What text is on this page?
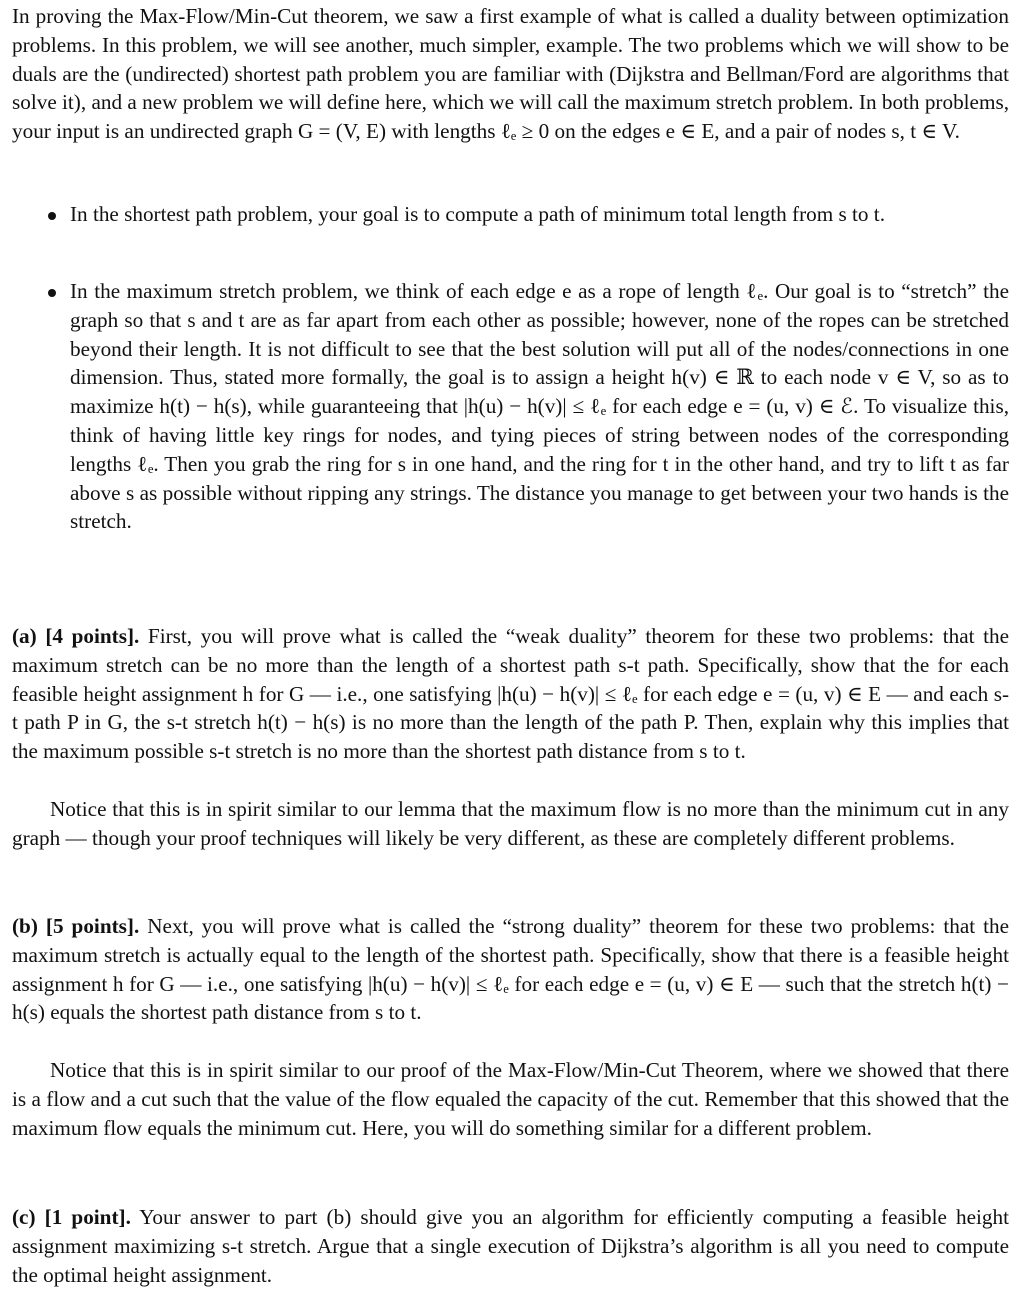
In proving the Max-Flow/Min-Cut theorem, we saw a first example of what is called a duality between optimization problems. In this problem, we will see another, much simpler, example. The two problems which we will show to be duals are the (undirected) shortest path problem you are familiar with (Dijkstra and Bellman/Ford are algorithms that solve it), and a new problem we will define here, which we will call the maximum stretch problem. In both problems, your input is an undirected graph G = (V, E) with lengths ℓₑ ≥ 0 on the edges e ∈ E, and a pair of nodes s, t ∈ V.

In the shortest path problem, your goal is to compute a path of minimum total length from s to t.

In the maximum stretch problem, we think of each edge e as a rope of length ℓₑ. Our goal is to “stretch” the graph so that s and t are as far apart from each other as possible; however, none of the ropes can be stretched beyond their length. It is not difficult to see that the best solution will put all of the nodes/connections in one dimension. Thus, stated more formally, the goal is to assign a height h(v) ∈ ℝ to each node v ∈ V, so as to maximize h(t) − h(s), while guaranteeing that |h(u) − h(v)| ≤ ℓₑ for each edge e = (u, v) ∈ ℰ. To visualize this, think of having little key rings for nodes, and tying pieces of string between nodes of the corresponding lengths ℓₑ. Then you grab the ring for s in one hand, and the ring for t in the other hand, and try to lift t as far above s as possible without ripping any strings. The distance you manage to get between your two hands is the stretch.

(a) [4 points]. First, you will prove what is called the “weak duality” theorem for these two problems: that the maximum stretch can be no more than the length of a shortest path s-t path. Specifically, show that the for each feasible height assignment h for G — i.e., one satisfying |h(u) − h(v)| ≤ ℓₑ for each edge e = (u, v) ∈ E — and each s-t path P in G, the s-t stretch h(t) − h(s) is no more than the length of the path P. Then, explain why this implies that the maximum possible s-t stretch is no more than the shortest path distance from s to t.

Notice that this is in spirit similar to our lemma that the maximum flow is no more than the minimum cut in any graph — though your proof techniques will likely be very different, as these are completely different problems.

(b) [5 points]. Next, you will prove what is called the “strong duality” theorem for these two problems: that the maximum stretch is actually equal to the length of the shortest path. Specifically, show that there is a feasible height assignment h for G — i.e., one satisfying |h(u) − h(v)| ≤ ℓₑ for each edge e = (u, v) ∈ E — such that the stretch h(t) − h(s) equals the shortest path distance from s to t.

Notice that this is in spirit similar to our proof of the Max-Flow/Min-Cut Theorem, where we showed that there is a flow and a cut such that the value of the flow equaled the capacity of the cut. Remember that this showed that the maximum flow equals the minimum cut. Here, you will do something similar for a different problem.

(c) [1 point]. Your answer to part (b) should give you an algorithm for efficiently computing a feasible height assignment maximizing s-t stretch. Argue that a single execution of Dijkstra’s algorithm is all you need to compute the optimal height assignment.
